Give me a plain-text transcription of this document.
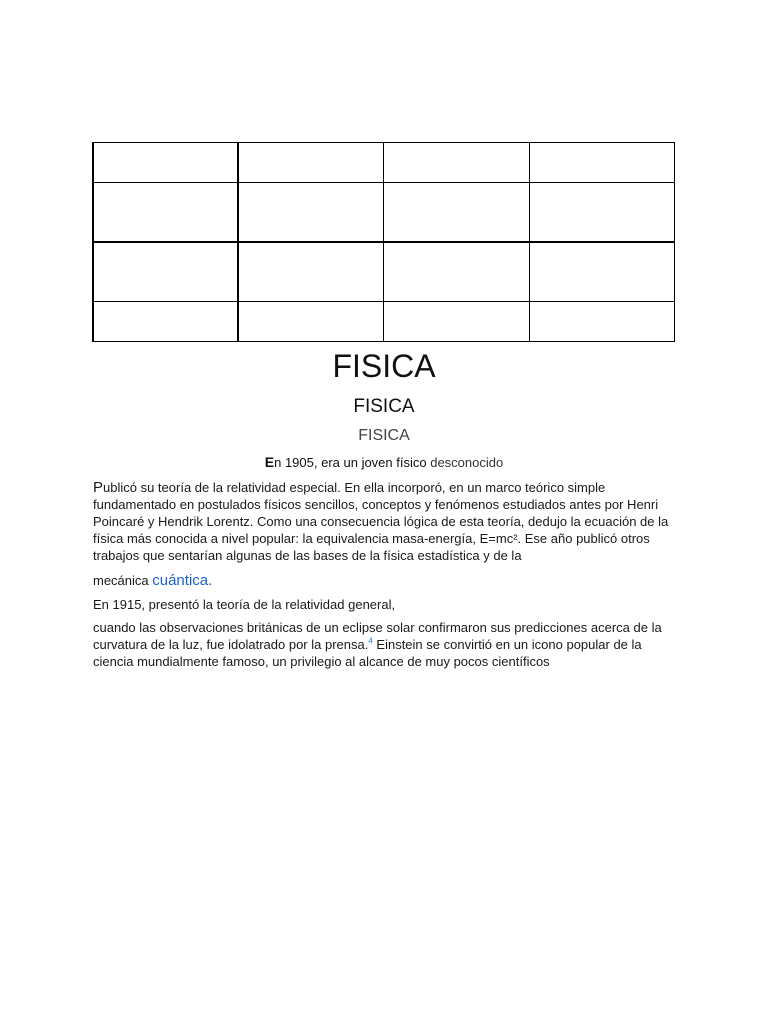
FISICA
FISICA
FISICA
En 1905, era un joven físico desconocido
Publicó su teoría de la relatividad especial. En ella incorporó, en un marco teórico simple fundamentado en postulados físicos sencillos, conceptos y fenómenos estudiados antes por Henri Poincaré y Hendrik Lorentz. Como una consecuencia lógica de esta teoría, dedujo la ecuación de la física más conocida a nivel popular: la equivalencia masa-energía, E=mc². Ese año publicó otros trabajos que sentarían algunas de las bases de la física estadística y de la
mecánica cuántica.
En 1915, presentó la teoría de la relatividad general,
cuando las observaciones británicas de un eclipse solar confirmaron sus predicciones acerca de la curvatura de la luz, fue idolatrado por la prensa.$^4$ Einstein se convirtió en un icono popular de la ciencia mundialmente famoso, un privilegio al alcance de muy pocos científicos
